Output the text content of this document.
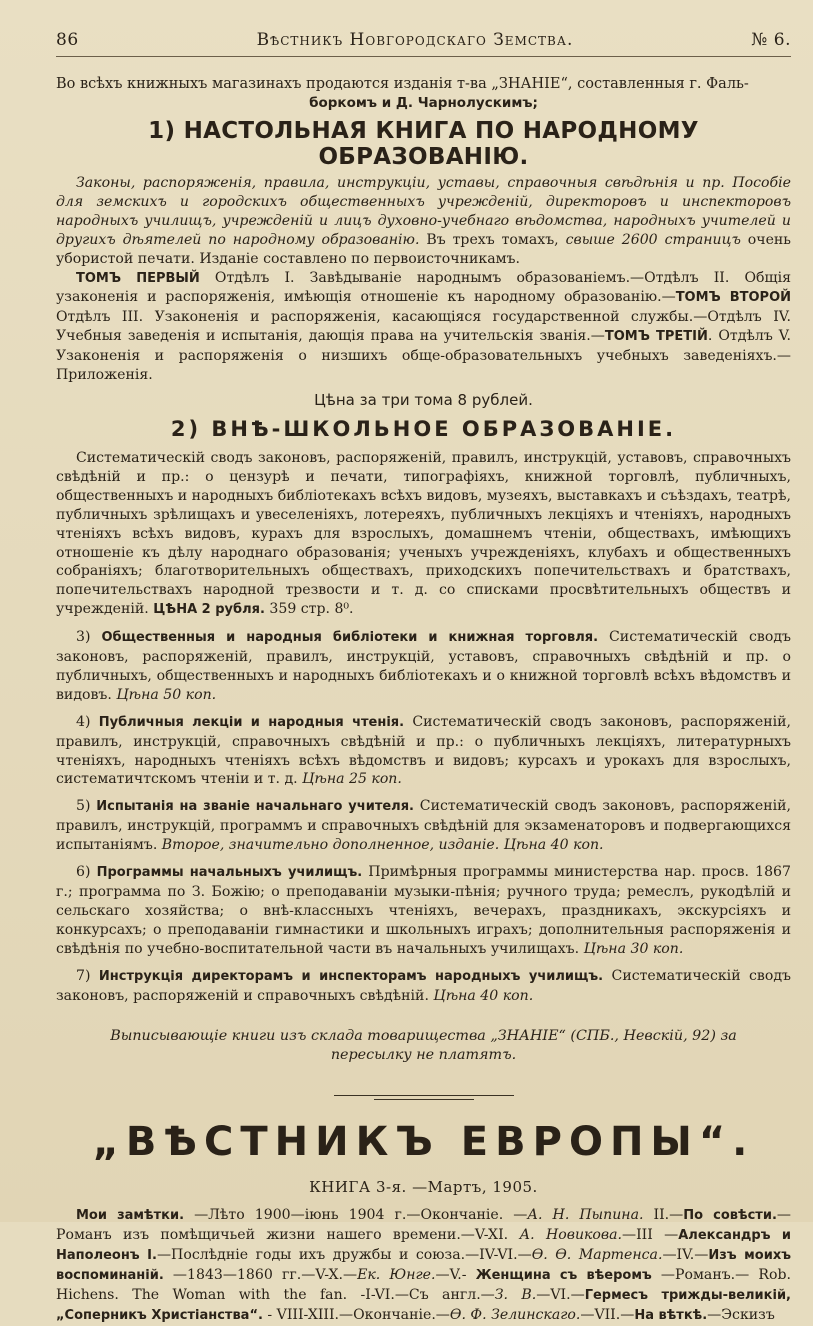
86	Вѣстникъ Новгородскаго Земства.	№ 6.

Во всѣхъ книжныхъ магазинахъ продаются изданія т-ва „ЗНАНІЕ“, составленныя г. Фаль-

боркомъ и Д. Чарнолускимъ;

1) НАСТОЛЬНАЯ КНИГА ПО НАРОДНОМУ ОБРАЗОВАНІЮ.

Законы, распоряженія, правила, инструкціи, уставы, справочныя свѣдѣнія и пр. Пособіе для земскихъ и городскихъ общественныхъ учрежденій, директоровъ и инспекторовъ народныхъ училищъ, учрежденій и лицъ духовно-учебнаго вѣдомства, народныхъ учителей и другихъ дѣятелей по народному образованію. Въ трехъ томахъ, свыше 2600 страницъ очень убористой печати. Изданіе составлено по первоисточникамъ.

ТОМЪ ПЕРВЫЙ Отдѣлъ I. Завѣдываніе народнымъ образованіемъ.—Отдѣлъ II. Общія узаконенія и распоряженія, имѣющія отношеніе къ народному образованію.—ТОМЪ ВТОРОЙ Отдѣлъ III. Узаконенія и распоряженія, касающіяся государственной службы.—Отдѣлъ IV. Учебныя заведенія и испытанія, дающія права на учительскія званія.—ТОМЪ ТРЕТІЙ. Отдѣлъ V. Узаконенія и распоряженія о низшихъ обще-образовательныхъ учебныхъ заведеніяхъ.—Приложенія.

Цѣна за три тома 8 рублей.
2) ВНѢ-ШКОЛЬНОЕ ОБРАЗОВАНІЕ.

Систематическій сводъ законовъ, распоряженій, правилъ, инструкцій, уставовъ, справочныхъ свѣдѣній и пр.: о цензурѣ и печати, типографіяхъ, книжной торговлѣ, публичныхъ, общественныхъ и народныхъ библіотекахъ всѣхъ видовъ, музеяхъ, выставкахъ и съѣздахъ, театрѣ, публичныхъ зрѣлищахъ и увеселеніяхъ, лотереяхъ, публичныхъ лекціяхъ и чтеніяхъ, народныхъ чтеніяхъ всѣхъ видовъ, курахъ для взрослыхъ, домашнемъ чтеніи, обществахъ, имѣющихъ отношеніе къ дѣлу народнаго образованія; ученыхъ учрежденіяхъ, клубахъ и общественныхъ собраніяхъ; благотворительныхъ обществахъ, приходскихъ попечительствахъ и братствахъ, попечительствахъ народной трезвости и т. д. со списками просвѣтительныхъ обществъ и учрежденій. ЦѢНА 2 рубля. 359 стр. 8⁰.

3) Общественныя и народныя библіотеки и книжная торговля. Систематическій сводъ законовъ, распоряженій, правилъ, инструкцій, уставовъ, справочныхъ свѣдѣній и пр. о публичныхъ, общественныхъ и народныхъ библіотекахъ и о книжной торговлѣ всѣхъ вѣдомствъ и видовъ. Цѣна 50 коп.

4) Публичныя лекціи и народныя чтенія. Систематическій сводъ законовъ, распоряженій, правилъ, инструкцій, справочныхъ свѣдѣній и пр.: о публичныхъ лекціяхъ, литературныхъ чтеніяхъ, народныхъ чтеніяхъ всѣхъ вѣдомствъ и видовъ; курсахъ и урокахъ для взрослыхъ, систематичтскомъ чтеніи и т. д. Цѣна 25 коп.

5) Испытанія на званіе начальнаго учителя. Систематическій сводъ законовъ, распоряженій, правилъ, инструкцій, программъ и справочныхъ свѣдѣній для экзаменаторовъ и подвергающихся испытаніямъ. Второе, значительно дополненное, изданіе. Цѣна 40 коп.

6) Программы начальныхъ училищъ. Примѣрныя программы министерства нар. просв. 1867 г.; программа по З. Божію; о преподаваніи музыки-пѣнія; ручного труда; ремеслъ, рукодѣлій и сельскаго хозяйства; о внѣ-классныхъ чтеніяхъ, вечерахъ, праздникахъ, экскурсіяхъ и конкурсахъ; о преподаваніи гимнастики и школьныхъ играхъ; дополнительныя распоряженія и свѣдѣнія по учебно-воспитательной части въ начальныхъ училищахъ. Цѣна 30 коп.

7) Инструкція директорамъ и инспекторамъ народныхъ училищъ. Систематическій сводъ законовъ, распоряженій и справочныхъ свѣдѣній. Цѣна 40 коп.

Выписывающіе книги изъ склада товарищества „ЗНАНІЕ“ (СПБ., Невскій, 92) за пересылку не платятъ.
„ВѢСТНИКЪ ЕВРОПЫ“.
КНИГА 3-я. —Мартъ, 1905.

Мои замѣтки. —Лѣто 1900—іюнь 1904 г.—Окончаніе. —А. Н. Пыпина. II.—По совѣсти.— Романъ изъ помѣщичьей жизни нашего времени.—V-XI. А. Новикова.—III —Александръ и Наполеонъ I.—Послѣдніе годы ихъ дружбы и союза.—IV-VI.—Ѳ. Ѳ. Мартенса.—IV.—Изъ моихъ воспоминаній. —1843—1860 гг.—V-X.—Ек. Юнге.—V.- Женщина съ вѣеромъ —Романъ.— Rob. Hichens. The Woman with the fan. -I-VI.—Съ англ.—З. В.—VI.—Гермесъ трижды-великій, „Соперникъ Христіанства“. - VIII-XIII.—Окончаніе.—Ѳ. Ф. Зелинскаго.—VII.—На вѣткѣ.—Эскизъ
